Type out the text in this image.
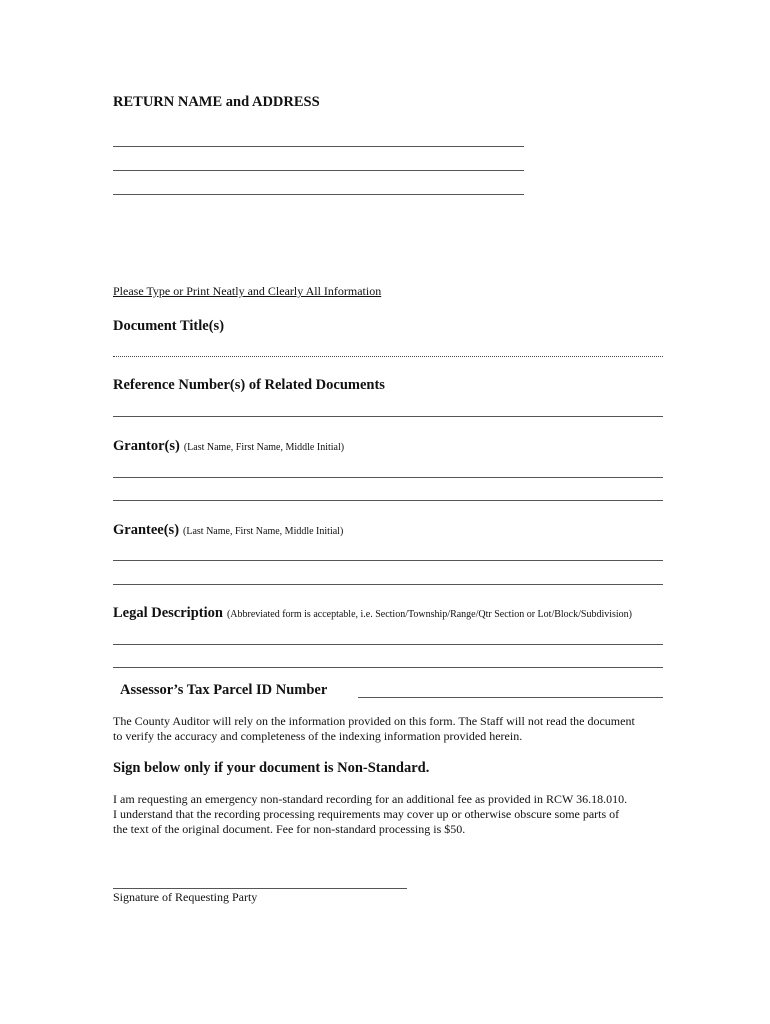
RETURN NAME and ADDRESS
Please Type or Print Neatly and Clearly All Information
Document Title(s)
Reference Number(s) of Related Documents
Grantor(s) (Last Name, First Name, Middle Initial)
Grantee(s) (Last Name, First Name, Middle Initial)
Legal Description (Abbreviated form is acceptable, i.e. Section/Township/Range/Qtr Section or Lot/Block/Subdivision)
Assessor’s Tax Parcel ID Number
The County Auditor will rely on the information provided on this form. The Staff will not read the document
to verify the accuracy and completeness of the indexing information provided herein.
Sign below only if your document is Non-Standard.
I am requesting an emergency non-standard recording for an additional fee as provided in RCW 36.18.010.
I understand that the recording processing requirements may cover up or otherwise obscure some parts of
the text of the original document. Fee for non-standard processing is $50.
Signature of Requesting Party
